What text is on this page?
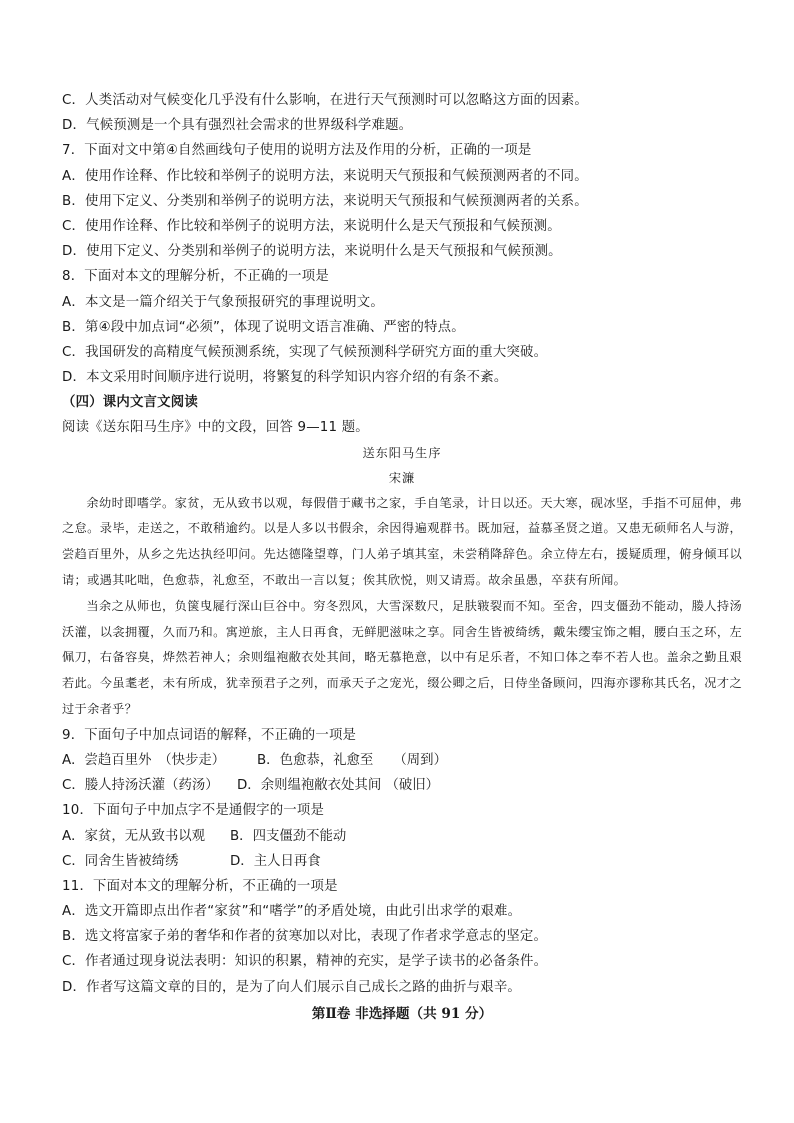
C．人类活动对气候变化几乎没有什么影响，在进行天气预测时可以忽略这方面的因素。
D．气候预测是一个具有强烈社会需求的世界级科学难题。
7．下面对文中第④自然画线句子使用的说明方法及作用的分析，正确的一项是
A．使用作诠释、作比较和举例子的说明方法，来说明天气预报和气候预测两者的不同。
B．使用下定义、分类别和举例子的说明方法，来说明天气预报和气候预测两者的关系。
C．使用作诠释、作比较和举例子的说明方法，来说明什么是天气预报和气候预测。
D．使用下定义、分类别和举例子的说明方法，来说明什么是天气预报和气候预测。
8．下面对本文的理解分析，不正确的一项是
A．本文是一篇介绍关于气象预报研究的事理说明文。
B．第④段中加点词“必须”，体现了说明文语言准确、严密的特点。
C．我国研发的高精度气候预测系统，实现了气候预测科学研究方面的重大突破。
D．本文采用时间顺序进行说明，将繁复的科学知识内容介绍的有条不紊。
（四）课内文言文阅读
阅读《送东阳马生序》中的文段，回答 9—11 题。
送东阳马生序
宋濂

余幼时即嗜学。家贫，无从致书以观，每假借于藏书之家，手自笔录，计日以还。天大寒，砚冰坚，手指不可屈伸，弗之怠。录毕，走送之，不敢稍逾约。以是人多以书假余，余因得遍观群书。既加冠，益慕圣贤之道。又患无硕师名人与游，尝趋百里外，从乡之先达执经叩问。先达德隆望尊，门人弟子填其室，未尝稍降辞色。余立侍左右，援疑质理，俯身倾耳以请；或遇其叱咄，色愈恭，礼愈至，不敢出一言以复；俟其欣悦，则又请焉。故余虽愚，卒获有所闻。

当余之从师也，负箧曳屣行深山巨谷中。穷冬烈风，大雪深数尺，足肤皲裂而不知。至舍，四支僵劲不能动，媵人持汤沃灌，以衾拥覆，久而乃和。寓逆旅，主人日再食，无鲜肥滋味之享。同舍生皆被绮绣，戴朱缨宝饰之帽，腰白玉之环，左佩刀，右备容臭，烨然若神人；余则缊袍敝衣处其间，略无慕艳意，以中有足乐者，不知口体之奉不若人也。盖余之勤且艰若此。今虽耄老，未有所成，犹幸预君子之列，而承天子之宠光，缀公卿之后，日侍坐备顾问，四海亦谬称其氏名，况才之过于余者乎？

9．下面句子中加点词语的解释，不正确的一项是
A．尝趋百里外　（快步走） B．色愈恭，礼愈至　　（周到）
C．媵人持汤沃灌（药汤） D．余则缊袍敝衣处其间 （破旧）
10．下面句子中加点字不是通假字的一项是
A．家贫，无从致书以观 B．四支僵劲不能动
C．同舍生皆被绮绣	D．主人日再食
11．下面对本文的理解分析，不正确的一项是
A．选文开篇即点出作者“家贫”和“嗜学”的矛盾处境，由此引出求学的艰难。
B．选文将富家子弟的奢华和作者的贫寒加以对比，表现了作者求学意志的坚定。
C．作者通过现身说法表明：知识的积累，精神的充实，是学子读书的必备条件。
D．作者写这篇文章的目的，是为了向人们展示自己成长之路的曲折与艰辛。
第Ⅱ卷 非选择题（共 91 分）
